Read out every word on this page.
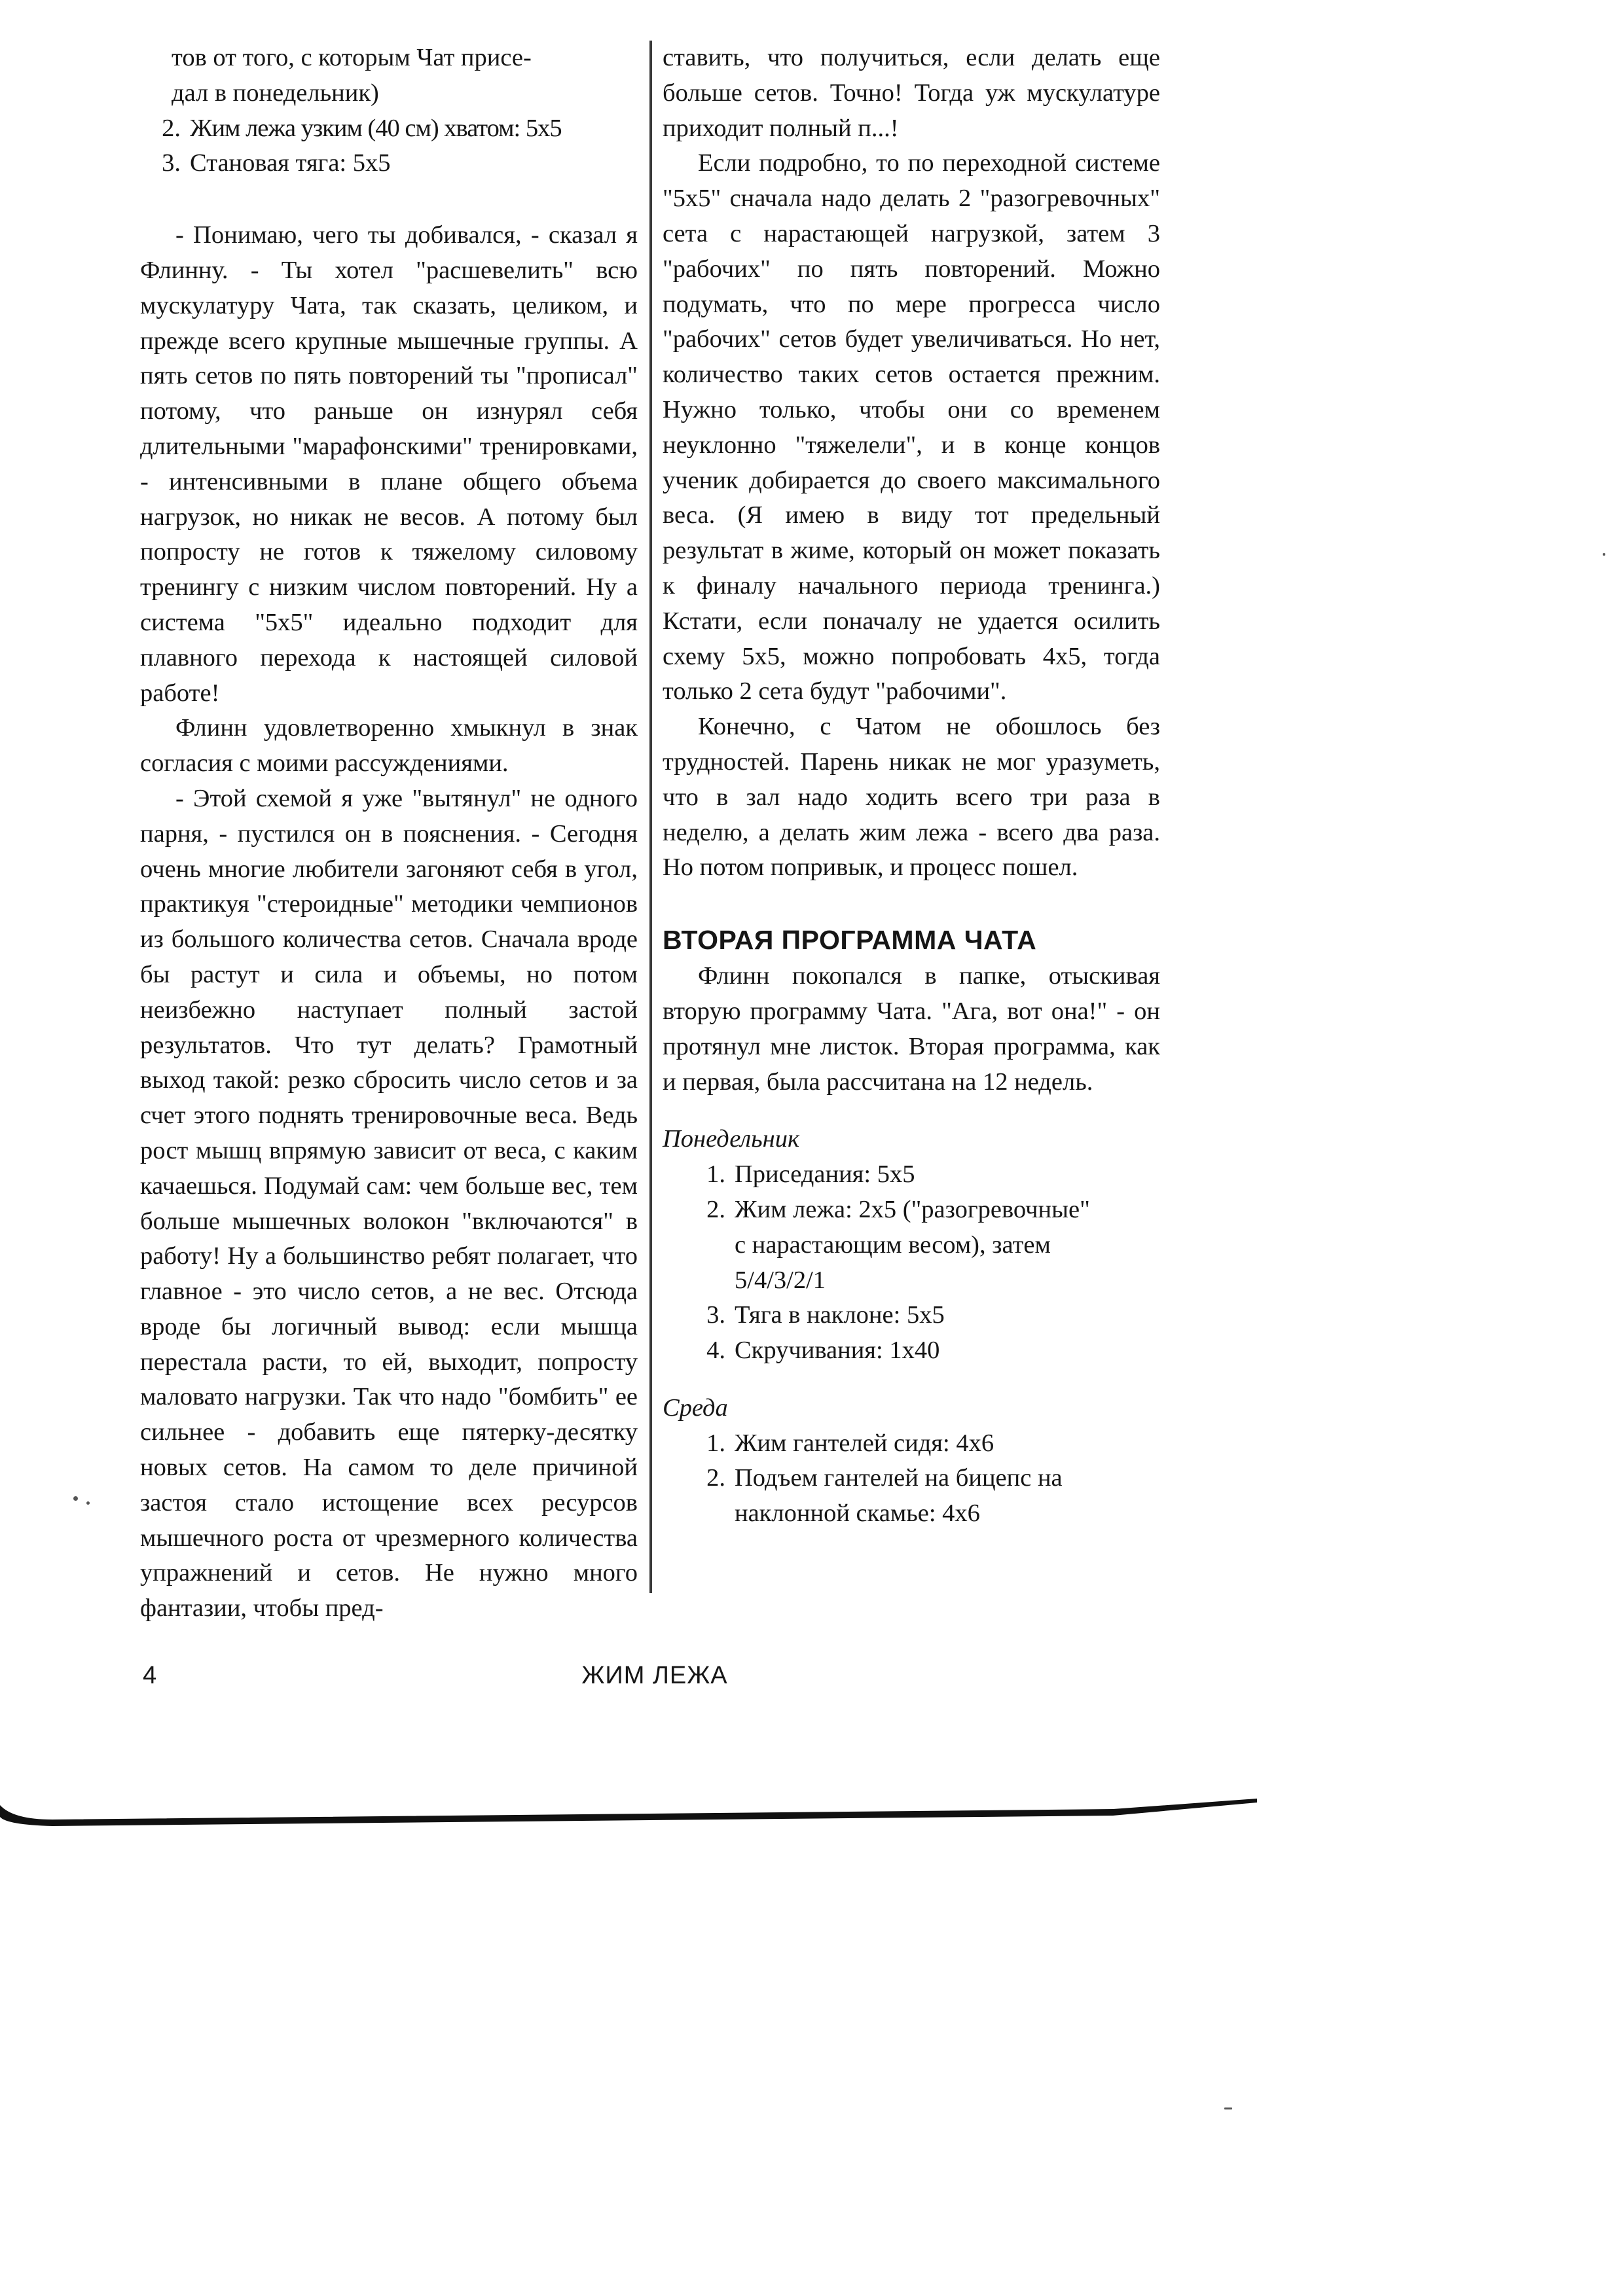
тов от того, с которым Чат присе-
дал в понедельник)
2. Жим лежа узким (40 см) хватом: 5х5
3. Становая тяга: 5х5

- Понимаю, чего ты добивался, - сказал я Флинну. - Ты хотел "расшевелить" всю мускулатуру Чата, так сказать, целиком, и прежде всего крупные мышечные группы. А пять сетов по пять повторений ты "прописал" потому, что раньше он изнурял себя длительными "марафонскими" тренировками, - интенсивными в плане общего объема нагрузок, но никак не весов. А потому был попросту не готов к тяжелому силовому тренингу с низким числом повторений. Ну а система "5х5" идеально подходит для плавного перехода к настоящей силовой работе!

Флинн удовлетворенно хмыкнул в знак согласия с моими рассуждениями.

- Этой схемой я уже "вытянул" не одного парня, - пустился он в пояснения. - Сегодня очень многие любители загоняют себя в угол, практикуя "стероидные" методики чемпионов из большого количества сетов. Сначала вроде бы растут и сила и объемы, но потом неизбежно наступает полный застой результатов. Что тут делать? Грамотный выход такой: резко сбросить число сетов и за счет этого поднять тренировочные веса. Ведь рост мышц впрямую зависит от веса, с каким качаешься. Подумай сам: чем больше вес, тем больше мышечных волокон "включаются" в работу! Ну а большинство ребят полагает, что главное - это число сетов, а не вес. Отсюда вроде бы логичный вывод: если мышца перестала расти, то ей, выходит, попросту маловато нагрузки. Так что надо "бомбить" ее сильнее - добавить еще пятерку-десятку новых сетов. На самом то деле причиной застоя стало истощение всех ресурсов мышечного роста от чрезмерного количества упражнений и сетов. Не нужно много фантазии, чтобы пред-

ставить, что получиться, если делать еще больше сетов. Точно! Тогда уж мускулатуре приходит полный п...!

Если подробно, то по переходной системе "5х5" сначала надо делать 2 "разогревочных" сета с нарастающей нагрузкой, затем 3 "рабочих" по пять повторений. Можно подумать, что по мере прогресса число "рабочих" сетов будет увеличиваться. Но нет, количество таких сетов остается прежним. Нужно только, чтобы они со временем неуклонно "тяжелели", и в конце концов ученик добирается до своего максимального веса. (Я имею в виду тот предельный результат в жиме, который он может показать к финалу начального периода тренинга.) Кстати, если поначалу не удается осилить схему 5х5, можно попробовать 4х5, тогда только 2 сета будут "рабочими".

Конечно, с Чатом не обошлось без трудностей. Парень никак не мог уразуметь, что в зал надо ходить всего три раза в неделю, а делать жим лежа - всего два раза. Но потом попривык, и процесс пошел.

ВТОРАЯ ПРОГРАММА ЧАТА

Флинн покопался в папке, отыскивая вторую программу Чата. "Ага, вот она!" - он протянул мне листок. Вторая программа, как и первая, была рассчитана на 12 недель.

Понедельник
1. Приседания: 5х5
2. Жим лежа: 2х5 ("разогревочные" с нарастающим весом), затем 5/4/3/2/1
3. Тяга в наклоне: 5х5
4. Скручивания: 1х40
Среда
1. Жим гантелей сидя: 4х6
2. Подъем гантелей на бицепс на наклонной скамье: 4х6
4	ЖИМ ЛЕЖА
